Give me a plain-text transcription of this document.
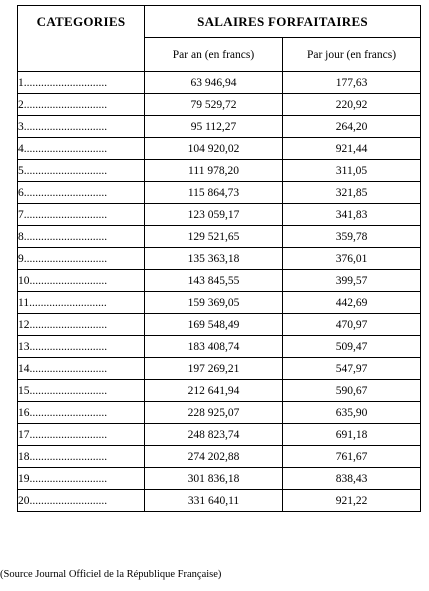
CATEGORIES	SALAIRES FORFAITAIRES	
	Par an (en francs)	Par jour (en francs)
1.............................	63 946,94	177,63
2.............................	79 529,72	220,92
3.............................	95 112,27	264,20
4.............................	104 920,02	921,44
5.............................	111 978,20	311,05
6.............................	115 864,73	321,85
7.............................	123 059,17	341,83
8.............................	129 521,65	359,78
9.............................	135 363,18	376,01
10...........................	143 845,55	399,57
11...........................	159 369,05	442,69
12...........................	169 548,49	470,97
13...........................	183 408,74	509,47
14...........................	197 269,21	547,97
15...........................	212 641,94	590,67
16...........................	228 925,07	635,90
17...........................	248 823,74	691,18
18...........................	274 202,88	761,67
19...........................	301 836,18	838,43
20...........................	331 640,11	921,22
(Source Journal Officiel de la République Française)
